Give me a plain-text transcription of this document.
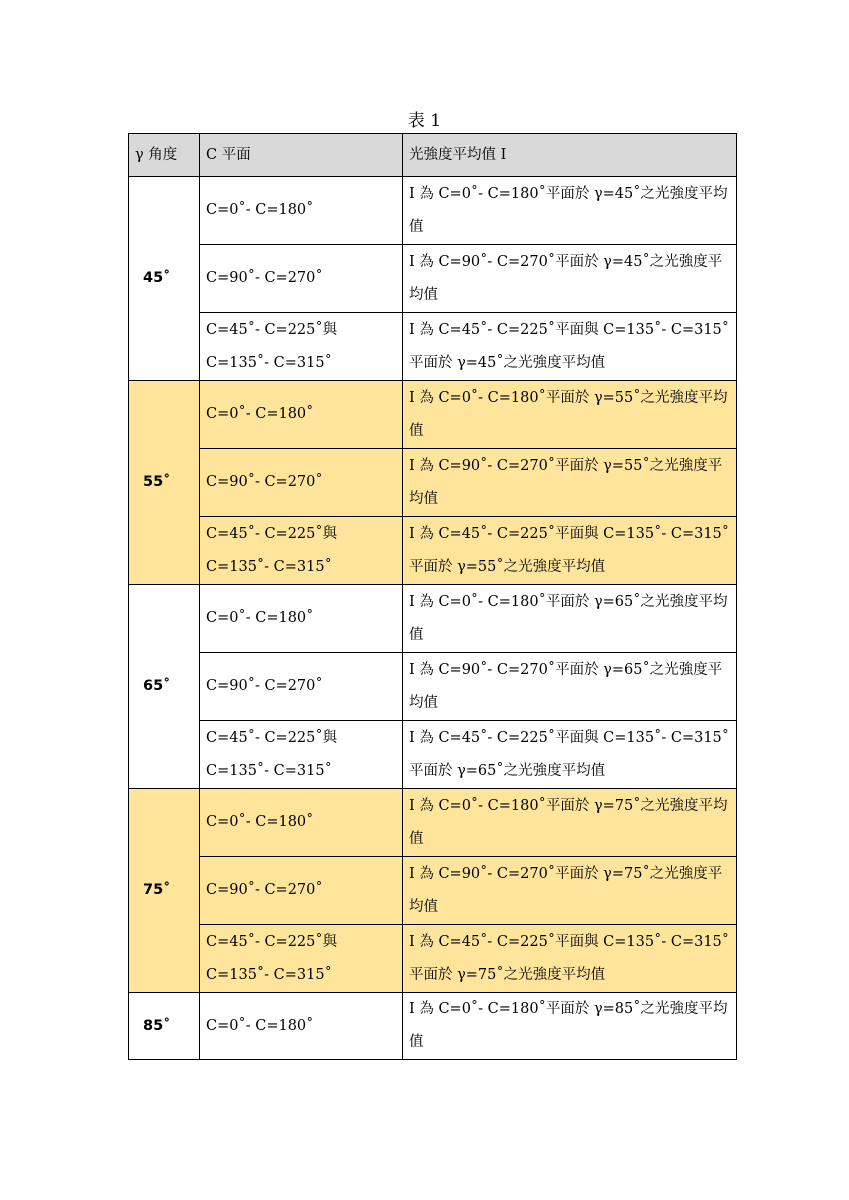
表 1
γ 角度	C 平面	光強度平均值 I
45˚	C=0˚- C=180˚	I 為 C=0˚- C=180˚平面於 γ=45˚之光強度平均值
	C=90˚- C=270˚	I 為 C=90˚- C=270˚平面於 γ=45˚之光強度平均值
	C=45˚- C=225˚與C=135˚- C=315˚	I 為 C=45˚- C=225˚平面與 C=135˚- C=315˚平面於 γ=45˚之光強度平均值
55˚	C=0˚- C=180˚	I 為 C=0˚- C=180˚平面於 γ=55˚之光強度平均值
	C=90˚- C=270˚	I 為 C=90˚- C=270˚平面於 γ=55˚之光強度平均值
	C=45˚- C=225˚與C=135˚- C=315˚	I 為 C=45˚- C=225˚平面與 C=135˚- C=315˚平面於 γ=55˚之光強度平均值
65˚	C=0˚- C=180˚	I 為 C=0˚- C=180˚平面於 γ=65˚之光強度平均值
	C=90˚- C=270˚	I 為 C=90˚- C=270˚平面於 γ=65˚之光強度平均值
	C=45˚- C=225˚與C=135˚- C=315˚	I 為 C=45˚- C=225˚平面與 C=135˚- C=315˚平面於 γ=65˚之光強度平均值
75˚	C=0˚- C=180˚	I 為 C=0˚- C=180˚平面於 γ=75˚之光強度平均值
	C=90˚- C=270˚	I 為 C=90˚- C=270˚平面於 γ=75˚之光強度平均值
	C=45˚- C=225˚與C=135˚- C=315˚	I 為 C=45˚- C=225˚平面與 C=135˚- C=315˚平面於 γ=75˚之光強度平均值
85˚	C=0˚- C=180˚	I 為 C=0˚- C=180˚平面於 γ=85˚之光強度平均值
